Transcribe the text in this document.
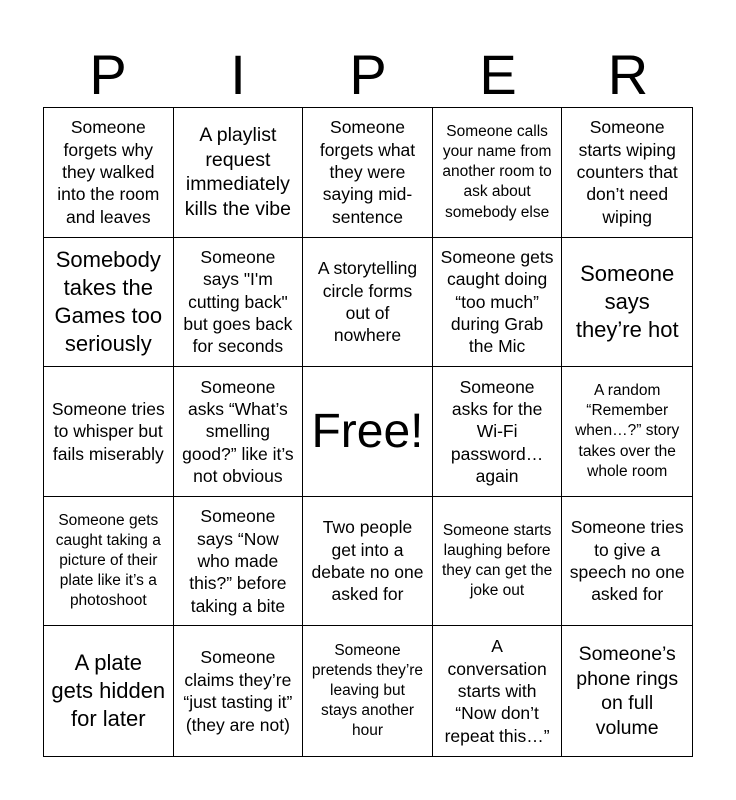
P	I	P	E	R
Someone forgets why they walked into the room and leaves
A playlist request immediately kills the vibe
Someone forgets what they were saying mid-sentence
Someone calls your name from another room to ask about somebody else
Someone starts wiping counters that don’t need wiping
Somebody takes the Games too seriously
Someone says "I'm cutting back" but goes back for seconds
A storytelling circle forms out of nowhere
Someone gets caught doing “too much” during Grab the Mic
Someone says they’re hot
Someone tries to whisper but fails miserably
Someone asks “What’s smelling good?” like it’s not obvious
Free!
Someone asks for the Wi-Fi password… again
A random “Remember when…?” story takes over the whole room
Someone gets caught taking a picture of their plate like it’s a photoshoot
Someone says “Now who made this?” before taking a bite
Two people get into a debate no one asked for
Someone starts laughing before they can get the joke out
Someone tries to give a speech no one asked for
A plate gets hidden for later
Someone claims they’re “just tasting it” (they are not)
Someone pretends they’re leaving but stays another hour
A conversation starts with “Now don’t repeat this…”
Someone’s phone rings on full volume
